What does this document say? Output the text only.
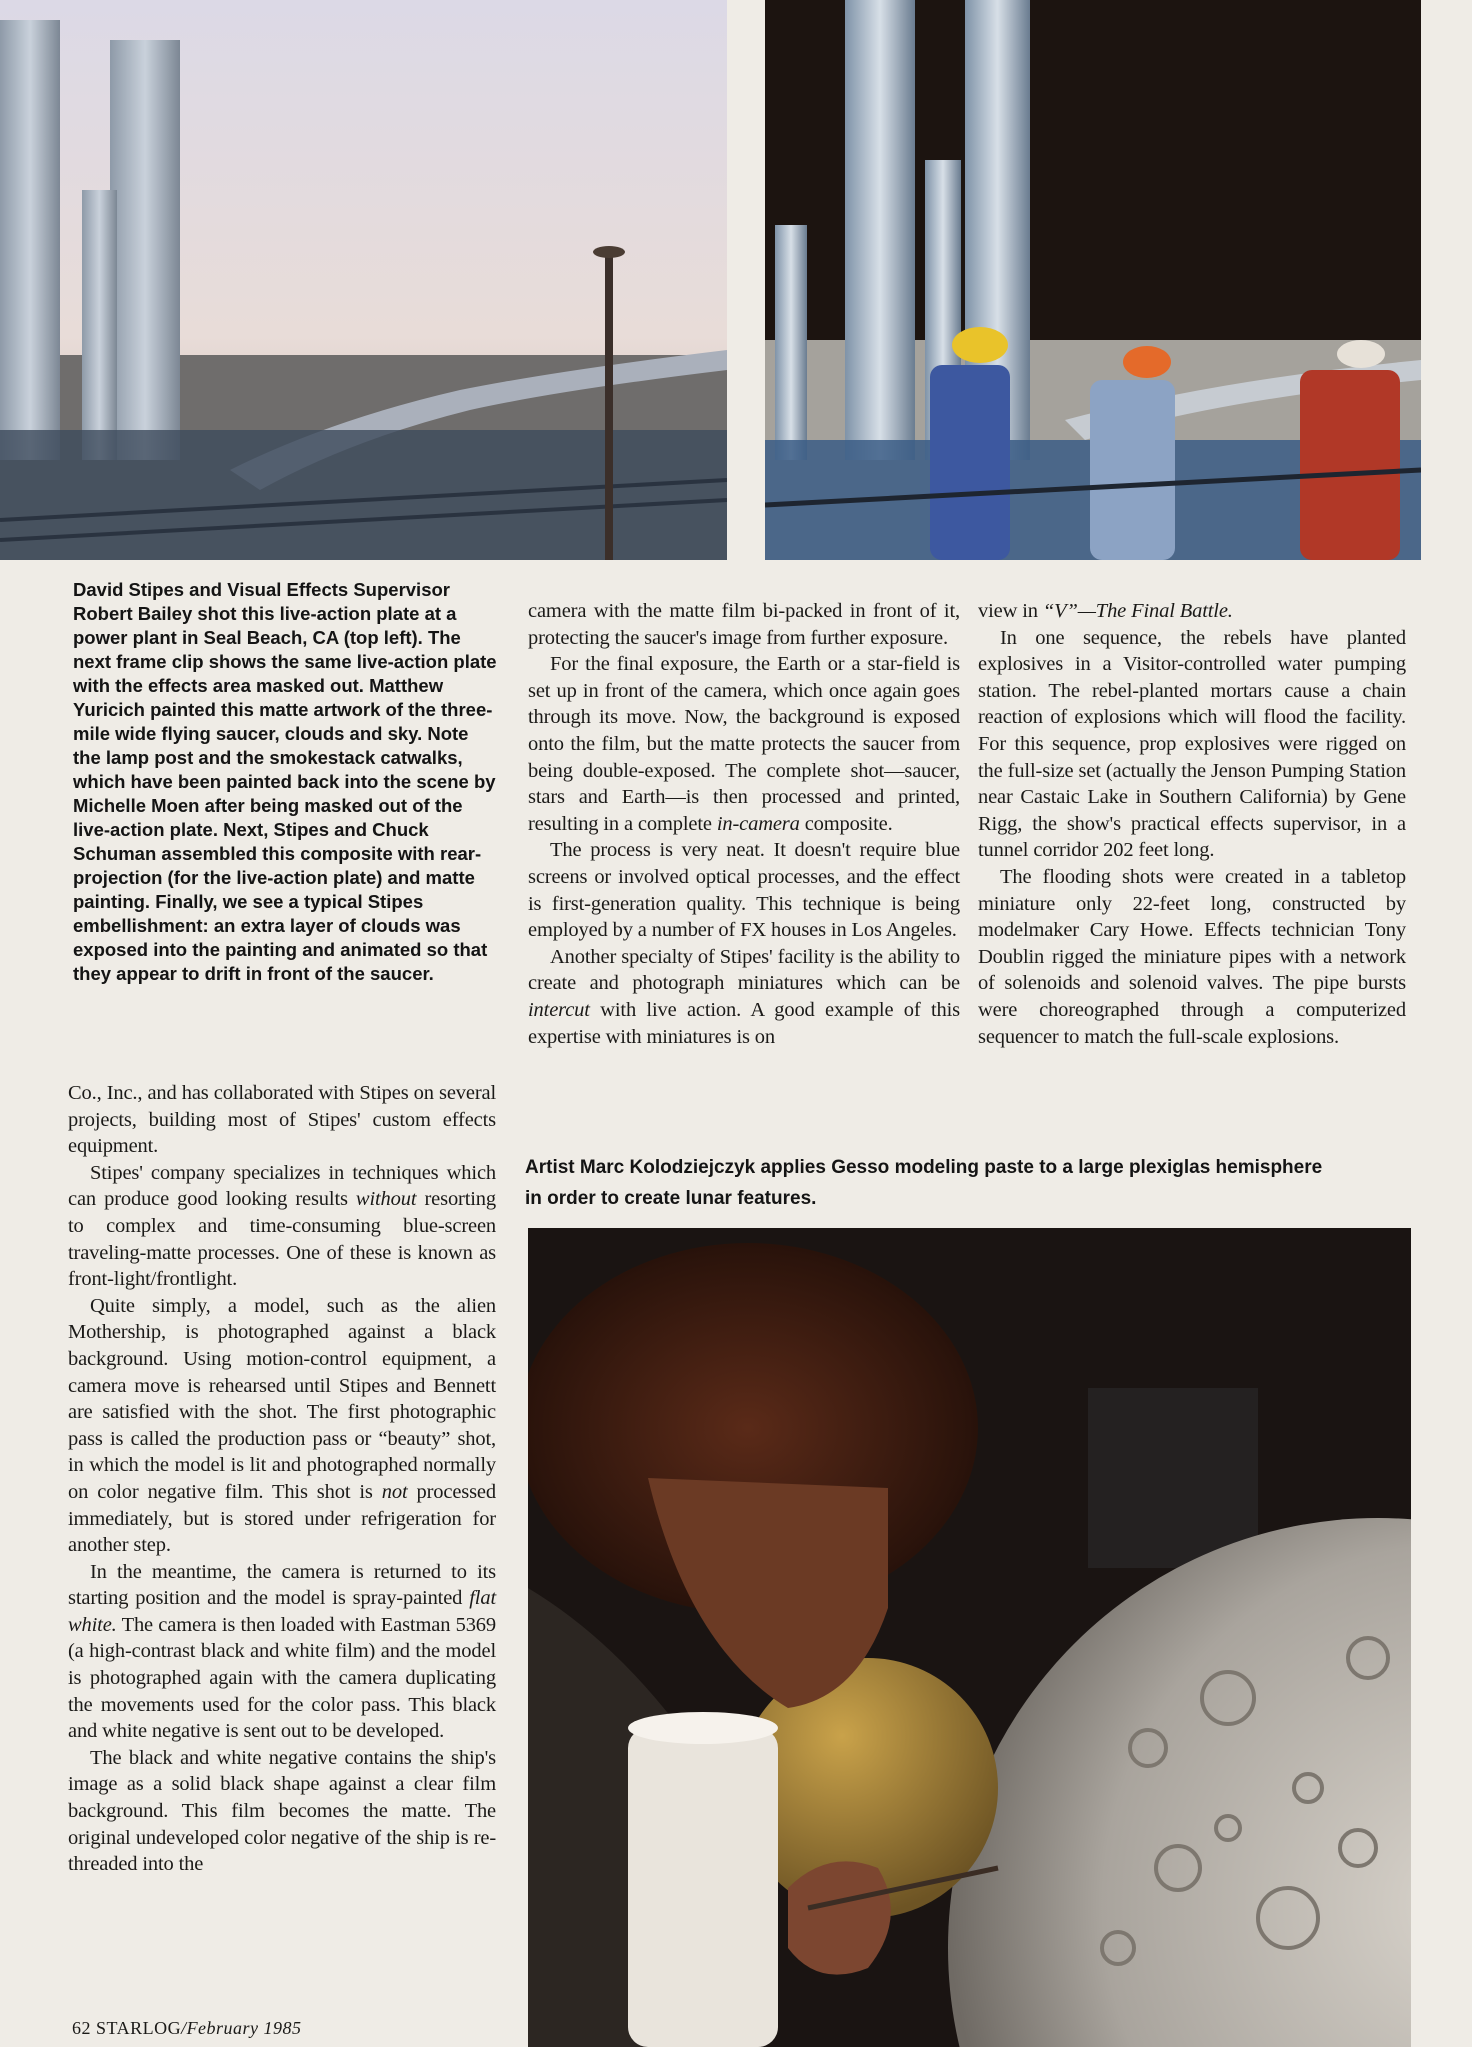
David Stipes and Visual Effects Supervisor Robert Bailey shot this live-action plate at a power plant in Seal Beach, CA (top left). The next frame clip shows the same live-action plate with the effects area masked out. Matthew Yuricich painted this matte artwork of the three-mile wide flying saucer, clouds and sky. Note the lamp post and the smokestack catwalks, which have been painted back into the scene by Michelle Moen after being masked out of the live-action plate. Next, Stipes and Chuck Schuman assembled this composite with rear-projection (for the live-action plate) and matte painting. Finally, we see a typical Stipes embellishment: an extra layer of clouds was exposed into the painting and animated so that they appear to drift in front of the saucer.

Co., Inc., and has collaborated with Stipes on several projects, building most of Stipes' custom effects equipment.

Stipes' company specializes in techniques which can produce good looking results without resorting to complex and time-consuming blue-screen traveling-matte processes. One of these is known as front-light/frontlight.

Quite simply, a model, such as the alien Mothership, is photographed against a black background. Using motion-control equipment, a camera move is rehearsed until Stipes and Bennett are satisfied with the shot. The first photographic pass is called the production pass or “beauty” shot, in which the model is lit and photographed normally on color negative film. This shot is not processed immediately, but is stored under refrigeration for another step.

In the meantime, the camera is returned to its starting position and the model is spray-painted flat white. The camera is then loaded with Eastman 5369 (a high-contrast black and white film) and the model is photographed again with the camera duplicating the movements used for the color pass. This black and white negative is sent out to be developed.

The black and white negative contains the ship's image as a solid black shape against a clear film background. This film becomes the matte. The original undeveloped color negative of the ship is re-threaded into the

camera with the matte film bi-packed in front of it, protecting the saucer's image from further exposure.

For the final exposure, the Earth or a star-field is set up in front of the camera, which once again goes through its move. Now, the background is exposed onto the film, but the matte protects the saucer from being double-exposed. The complete shot—saucer, stars and Earth—is then processed and printed, resulting in a complete in-camera composite.

The process is very neat. It doesn't require blue screens or involved optical processes, and the effect is first-generation quality. This technique is being employed by a number of FX houses in Los Angeles.

Another specialty of Stipes' facility is the ability to create and photograph miniatures which can be intercut with live action. A good example of this expertise with miniatures is on

view in “V”—The Final Battle.

In one sequence, the rebels have planted explosives in a Visitor-controlled water pumping station. The rebel-planted mortars cause a chain reaction of explosions which will flood the facility. For this sequence, prop explosives were rigged on the full-size set (actually the Jenson Pumping Station near Castaic Lake in Southern California) by Gene Rigg, the show's practical effects supervisor, in a tunnel corridor 202 feet long.

The flooding shots were created in a tabletop miniature only 22-feet long, constructed by modelmaker Cary Howe. Effects technician Tony Doublin rigged the miniature pipes with a network of solenoids and solenoid valves. The pipe bursts were choreographed through a computerized sequencer to match the full-scale explosions.

Artist Marc Kolodziejczyk applies Gesso modeling paste to a large plexiglas hemisphere in order to create lunar features.
62 STARLOG/February 1985
